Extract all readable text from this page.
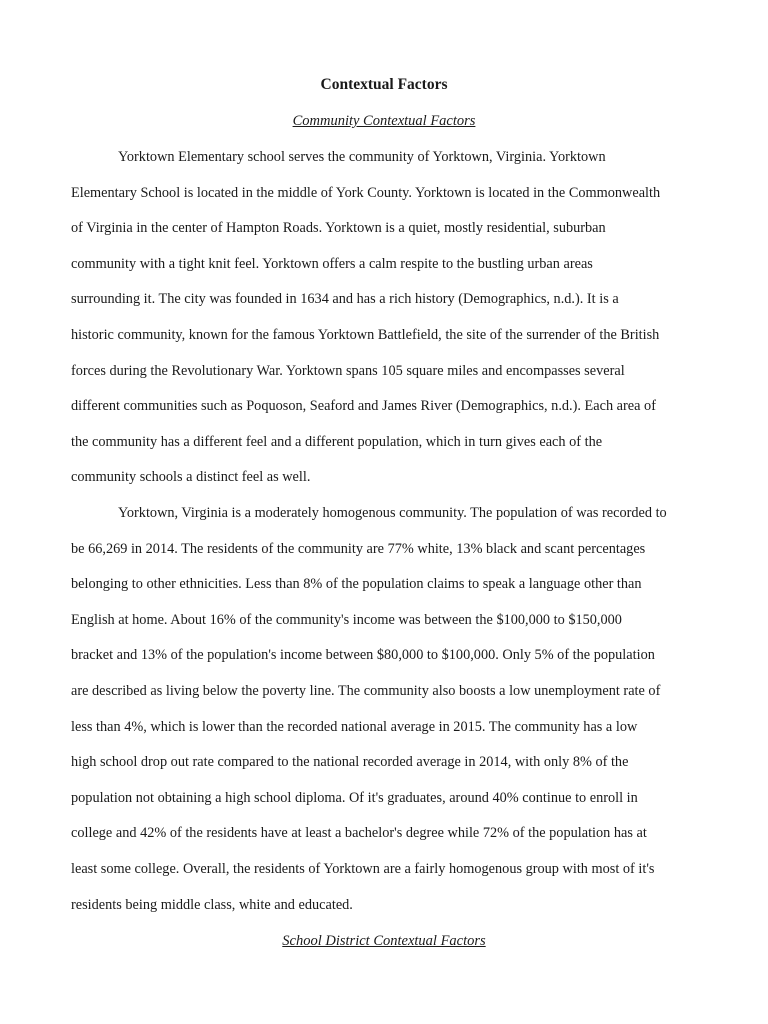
Contextual Factors
Community Contextual Factors

Yorktown Elementary school serves the community of Yorktown, Virginia. Yorktown
Elementary School is located in the middle of York County. Yorktown is located in the Commonwealth
of Virginia in the center of Hampton Roads. Yorktown is a quiet, mostly residential, suburban
community with a tight knit feel. Yorktown offers a calm respite to the bustling urban areas
surrounding it. The city was founded in 1634 and has a rich history (Demographics, n.d.). It is a
historic community, known for the famous Yorktown Battlefield, the site of the surrender of the British
forces during the Revolutionary War. Yorktown spans 105 square miles and encompasses several
different communities such as Poquoson, Seaford and James River (Demographics, n.d.). Each area of
the community has a different feel and a different population, which in turn gives each of the
community schools a distinct feel as well.

Yorktown, Virginia is a moderately homogenous community. The population of was recorded to
be 66,269 in 2014. The residents of the community are 77% white, 13% black and scant percentages
belonging to other ethnicities. Less than 8% of the population claims to speak a language other than
English at home. About 16% of the community's income was between the $100,000 to $150,000
bracket and 13% of the population's income between $80,000 to $100,000. Only 5% of the population
are described as living below the poverty line. The community also boosts a low unemployment rate of
less than 4%, which is lower than the recorded national average in 2015. The community has a low
high school drop out rate compared to the national recorded average in 2014, with only 8% of the
population not obtaining a high school diploma. Of it's graduates, around 40% continue to enroll in
college and 42% of the residents have at least a bachelor's degree while 72% of the population has at
least some college. Overall, the residents of Yorktown are a fairly homogenous group with most of it's
residents being middle class, white and educated.

School District Contextual Factors
